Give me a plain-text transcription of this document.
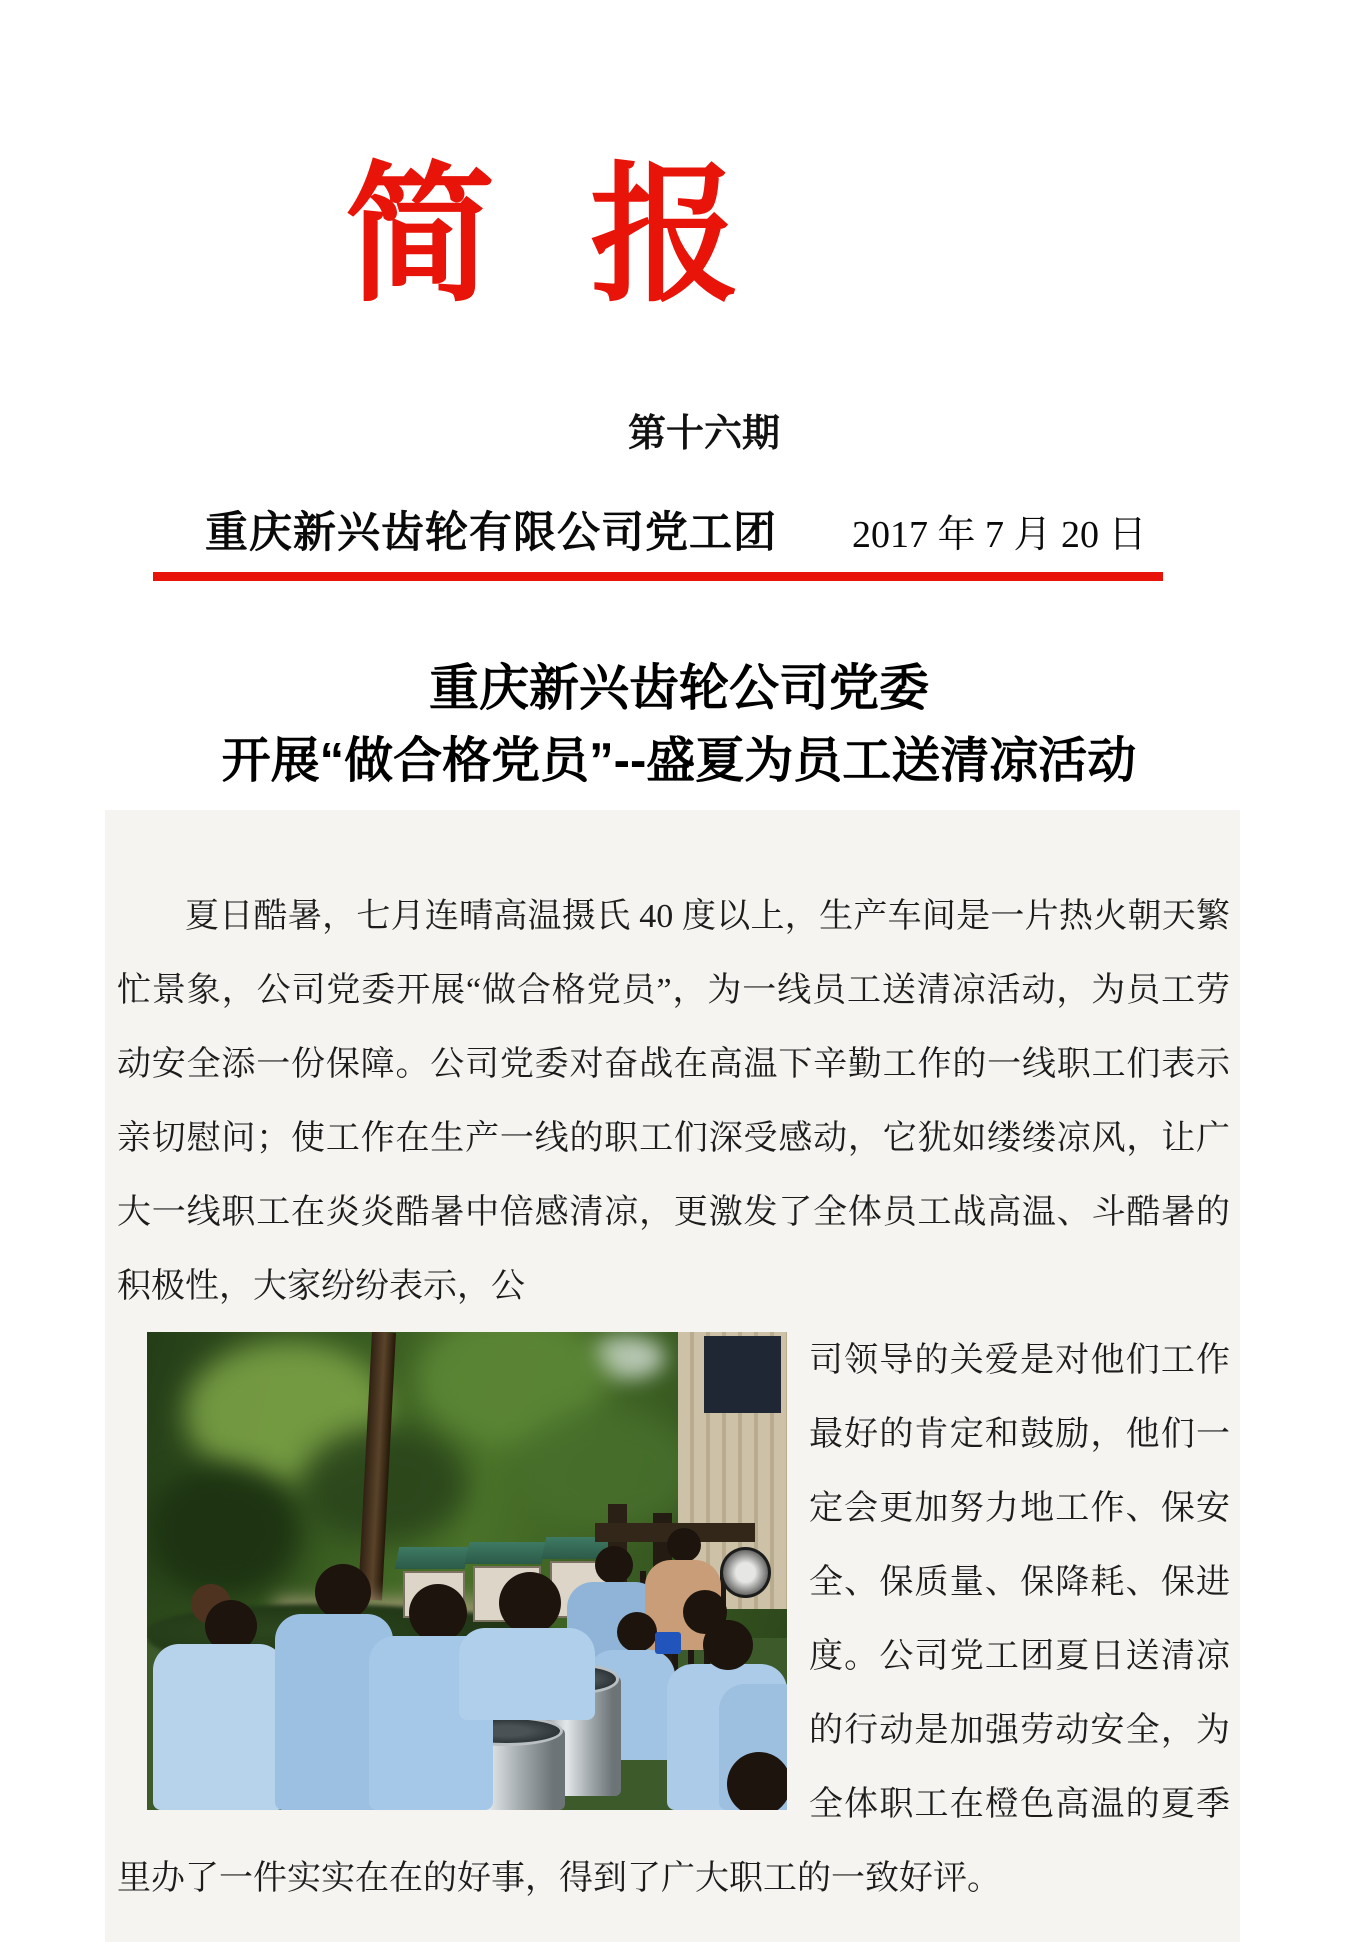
简 报
第十六期
重庆新兴齿轮有限公司党工团 2017 年 7 月 20 日
重庆新兴齿轮公司党委
开展“做合格党员”--盛夏为员工送清凉活动

夏日酷暑，七月连晴高温摄氏 40 度以上，生产车间是一片热火朝天繁忙景象，公司党委开展“做合格党员”，为一线员工送清凉活动，为员工劳动安全添一份保障。公司党委对奋战在高温下辛勤工作的一线职工们表示亲切慰问；使工作在生产一线的职工们深受感动，它犹如缕缕凉风，让广大一线职工在炎炎酷暑中倍感清凉，更激发了全体员工战高温、斗酷暑的积极性，大家纷纷表示，公

司领导的关爱是对他们工作最好的肯定和鼓励，他们一定会更加努力地工作、保安全、保质量、保降耗、保进度。公司党工团夏日送清凉的行动是加强劳动安全，为全体职工在橙色高温的夏季里办了一件实实在在的好事，得到了广大职工的一致好评。
